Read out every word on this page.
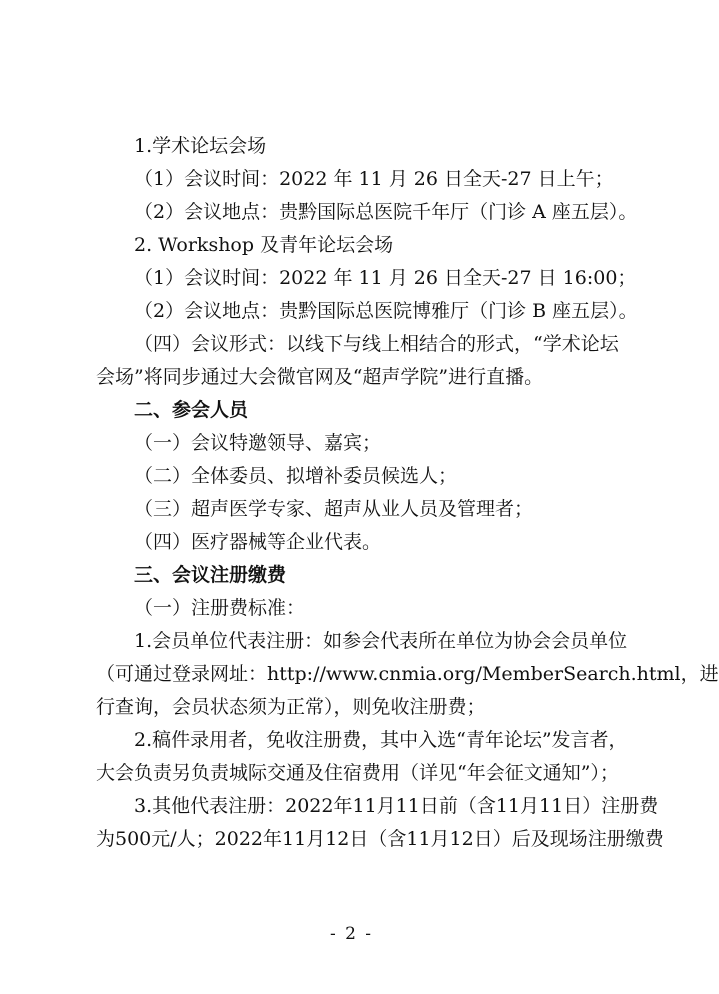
1.学术论坛会场
（1）会议时间：2022 年 11 月 26 日全天-27 日上午；
（2）会议地点：贵黔国际总医院千年厅（门诊 A 座五层）。
2. Workshop 及青年论坛会场
（1）会议时间：2022 年 11 月 26 日全天-27 日 16:00；
（2）会议地点：贵黔国际总医院博雅厅（门诊 B 座五层）。
（四）会议形式：以线下与线上相结合的形式，“学术论坛
会场”将同步通过大会微官网及“超声学院”进行直播。
二、参会人员
（一）会议特邀领导、嘉宾；
（二）全体委员、拟增补委员候选人；
（三）超声医学专家、超声从业人员及管理者；
（四）医疗器械等企业代表。
三、会议注册缴费
（一）注册费标准：
1.会员单位代表注册：如参会代表所在单位为协会会员单位
（可通过登录网址：http://www.cnmia.org/MemberSearch.html，进
行查询，会员状态须为正常），则免收注册费；
2.稿件录用者，免收注册费，其中入选“青年论坛”发言者，
大会负责另负责城际交通及住宿费用（详见“年会征文通知”）；
3.其他代表注册：2022年11月11日前（含11月11日）注册费
为500元/人；2022年11月12日（含11月12日）后及现场注册缴费
- 2 -
